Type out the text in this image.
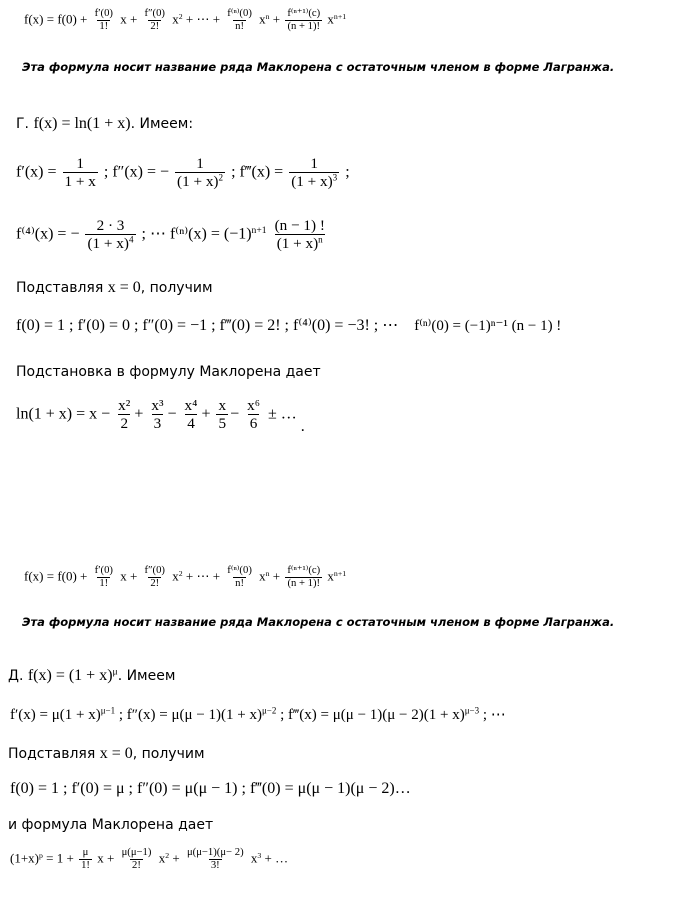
$f(x) = f(0) + \frac{f'(0)}{1!}$ $x + \frac{f''(0)}{2!} x^2$ + ⋯ + $\frac{\text{f⁽ⁿ⁾(0)}}{n!} x^n + \frac{\text{f⁽ⁿ⁺¹⁾(c)}}{(n + 1)!} x^{n+1}$
Эта формула носит название ряда Маклорена с остаточным членом в форме Лагранжа.
Г. f(x) = ln(1 + x). Имеем:
$f'(x) = \frac{1}{1 + x}$ ; f″(x) = − $\frac{1}{(1 + x)^2}$ ; f‴(x) = $\frac{1}{(1 + x)^3}$ ;
f⁽⁴⁾(x) = − $\frac{2 \cdot 3}{(1 + x)^4}$ ; ⋯ $f^{(n)}(x) = (-1)^{n+1} \frac{(n - 1) !}{(1 + x)^n}$
Подставляя x = 0, получим
f(0) = 1 ; f′(0) = 0 ; f″(0) = −1 ; f‴(0) = 2! ; f⁽⁴⁾(0) = −3! ; ⋯ f⁽ⁿ⁾(0) = (−1)ⁿ⁻¹ (n − 1) !
Подстановка в формулу Маклорена дает
$\ln(1 + x) = x - \frac{\text{x²}}{2} + \frac{\text{x³}}{3} - \frac{\text{x⁴}}{4} + \frac{x}{5} - \frac{\text{x⁶}}{6}$ ± … .
$f(x) = f(0) + \frac{f'(0)}{1!}$ $x + \frac{f''(0)}{2!} x^2$ + ⋯ + $\frac{\text{f⁽ⁿ⁾(0)}}{n!} x^n + \frac{\text{f⁽ⁿ⁺¹⁾(c)}}{(n + 1)!} x^{n+1}$
Эта формула носит название ряда Маклорена с остаточным членом в форме Лагранжа.
Д. $f(x) = (1 + x)^\mu$. Имеем
$f'(x) = \mu(1 + x)^{\mu-1}$ ; $f''(x) = \mu(\mu - 1)(1 + x)^{\mu-2}$ ; f‴(x) = $\mu(\mu - 1)(\mu - 2)(1 + x)^{\mu-3}$ ; ⋯
Подставляя x = 0, получим
f(0) = 1 ; f′(0) = μ ; f″(0) = μ(μ − 1) ; f‴(0) = μ(μ − 1)(μ − 2)…
и формула Маклорена дает
$(1+x)^p = 1 + \frac{\mu}{1!}$ $x + \frac{\mu(\mu-1)}{2!} x^2 + \frac{\mu(\mu-1)(\mu- 2)}{3!} x^3$ + …
